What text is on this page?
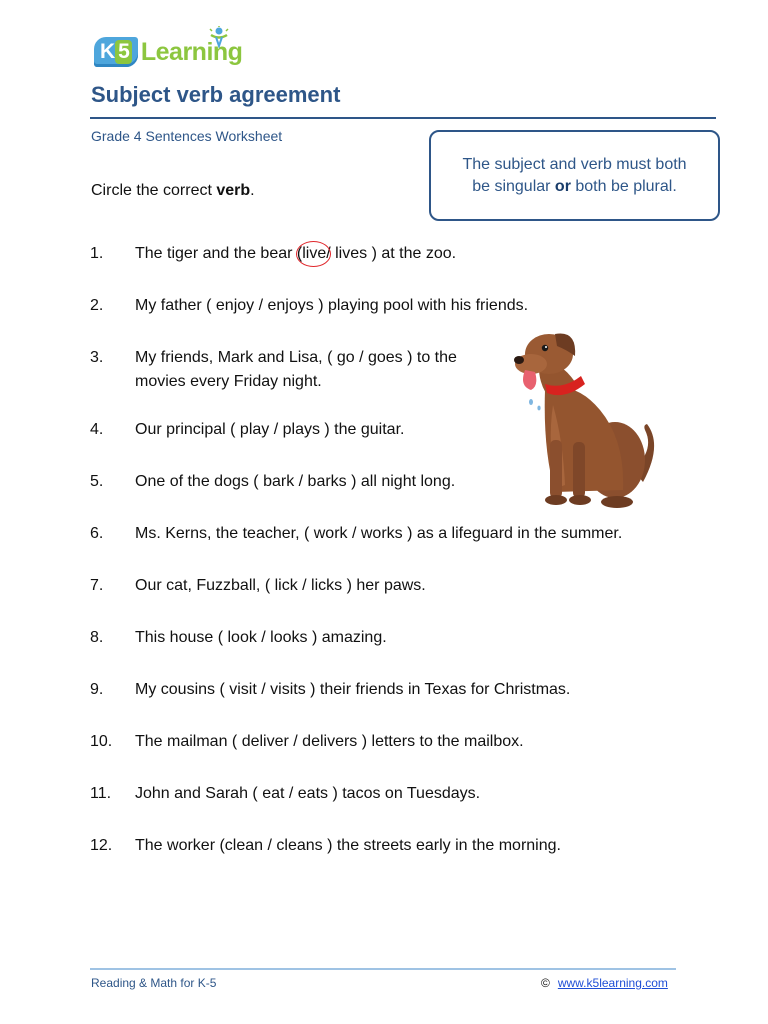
K 5 Learning
Subject verb agreement
Grade 4 Sentences Worksheet
Circle the correct verb.
The subject and verb must both
be singular or both be plural.
1.	The tiger and the bear (live/ lives ) at the zoo.
2.	My father ( enjoy / enjoys ) playing pool with his friends.
3.	My friends, Mark and Lisa, ( go / goes ) to the
movies every Friday night.
4.	Our principal ( play / plays ) the guitar.
5.	One of the dogs ( bark / barks ) all night long.
6.	Ms. Kerns, the teacher, ( work / works ) as a lifeguard in the summer.
7.	Our cat, Fuzzball, ( lick / licks ) her paws.
8.	This house ( look / looks ) amazing.
9.	My cousins ( visit / visits ) their friends in Texas for Christmas.
10.	The mailman ( deliver / delivers ) letters to the mailbox.
11.	John and Sarah ( eat / eats ) tacos on Tuesdays.
12.	The worker (clean / cleans ) the streets early in the morning.
Reading & Math for K-5	© www.k5learning.com
